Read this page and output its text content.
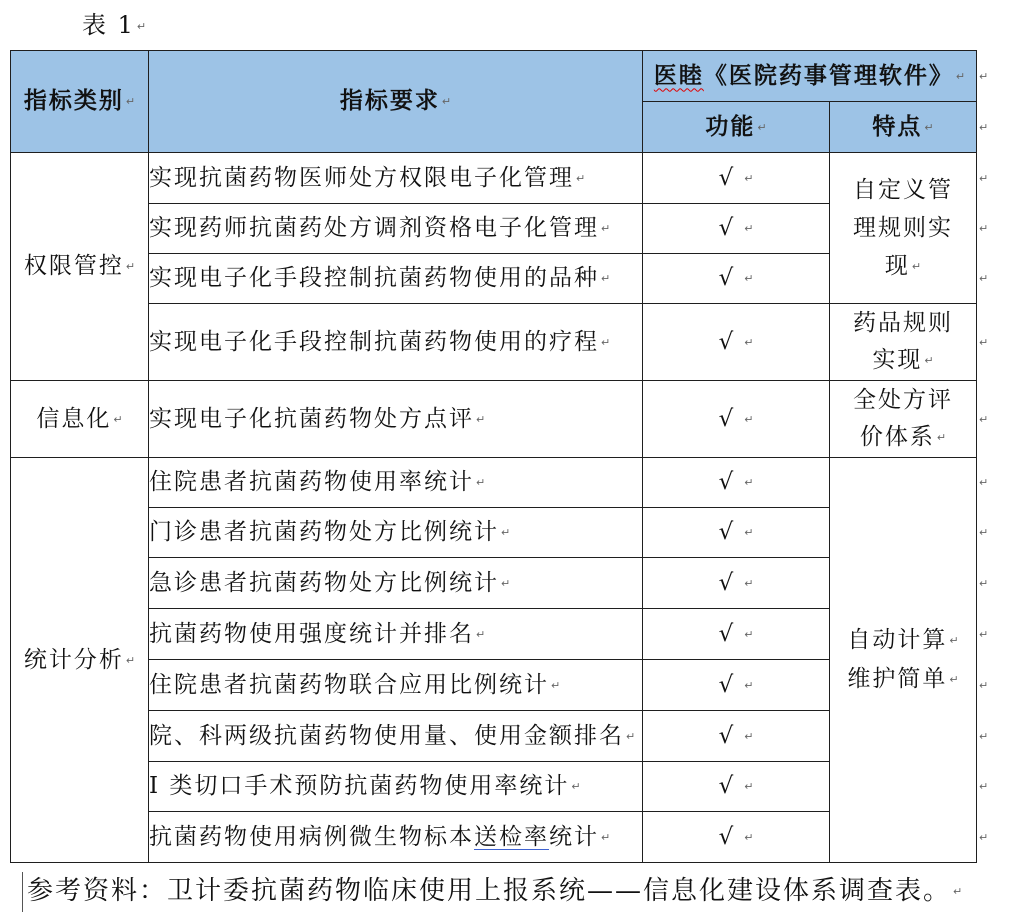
表 1 ↵
指标类别 ↵	指标要求 ↵	医睦《医院药事管理软件》 ↵	↵
		功能 ↵	特点 ↵	↵
权限管控 ↵	实现抗菌药物医师处方权限电子化管理 ↵	√ ↵	自定义管
理规则实
现 ↵
	↵
	实现药师抗菌药处方调剂资格电子化管理 ↵	√ ↵	↵
	实现电子化手段控制抗菌药物使用的品种 ↵	√ ↵	↵
	实现电子化手段控制抗菌药物使用的疗程 ↵	√ ↵	药品规则
实现 ↵
	↵
信息化 ↵	实现电子化抗菌药物处方点评 ↵	√ ↵	全处方评
价体系 ↵
	↵
统计分析 ↵	住院患者抗菌药物使用率统计 ↵	√ ↵	自动计算 ↵
维护简单 ↵
	↵
	门诊患者抗菌药物处方比例统计 ↵	√ ↵	↵
	急诊患者抗菌药物处方比例统计 ↵	√ ↵	↵
	抗菌药物使用强度统计并排名 ↵	√ ↵	↵
	住院患者抗菌药物联合应用比例统计 ↵	√ ↵	↵
	院、科两级抗菌药物使用量、使用金额排名 ↵	√ ↵	↵
	I 类切口手术预防抗菌药物使用率统计 ↵	√ ↵	↵
	抗菌药物使用病例微生物标本送检率统计 ↵	√ ↵	↵
参考资料：卫计委抗菌药物临床使用上报系统——信息化建设体系调查表。 ↵
